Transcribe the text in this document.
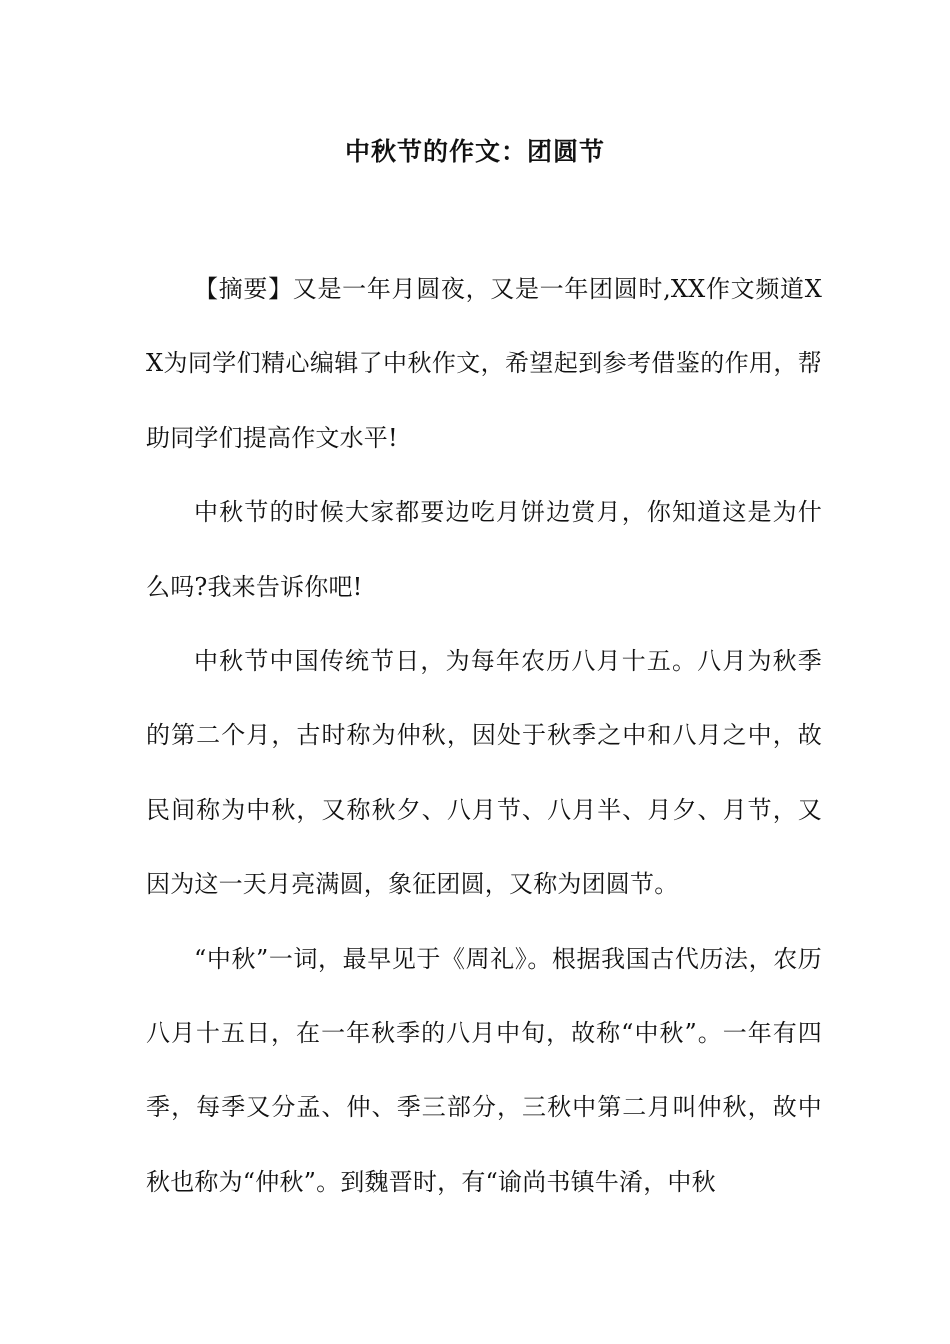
中秋节的作文：团圆节

【摘要】又是一年月圆夜，又是一年团圆时,XX作文频道XX为同学们精心编辑了中秋作文，希望起到参考借鉴的作用，帮助同学们提高作文水平!

中秋节的时候大家都要边吃月饼边赏月，你知道这是为什么吗?我来告诉你吧!

中秋节中国传统节日，为每年农历八月十五。八月为秋季的第二个月，古时称为仲秋，因处于秋季之中和八月之中，故民间称为中秋，又称秋夕、八月节、八月半、月夕、月节，又因为这一天月亮满圆，象征团圆，又称为团圆节。

“中秋”一词，最早见于《周礼》。根据我国古代历法，农历八月十五日，在一年秋季的八月中旬，故称“中秋”。一年有四季，每季又分孟、仲、季三部分，三秋中第二月叫仲秋，故中秋也称为“仲秋”。到魏晋时，有“谕尚书镇牛淆，中秋
